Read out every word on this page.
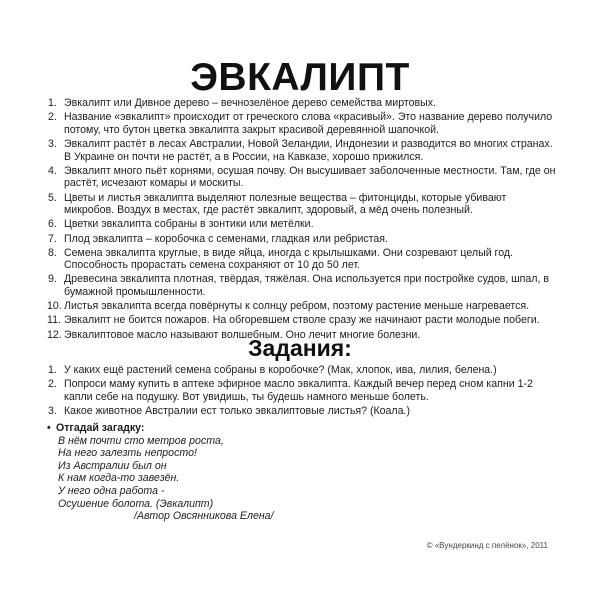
ЭВКАЛИПТ
1. Эвкалипт или Дивное дерево – вечнозелёное дерево семейства миртовых.
2. Название «эвкалипт» происходит от греческого слова «красивый». Это название дерево получило потому, что бутон цветка эвкалипта закрыт красивой деревянной шапочкой.
3. Эвкалипт растёт в лесах Австралии, Новой Зеландии, Индонезии и разводится во многих странах. В Украине он почти не растёт, а в России, на Кавказе, хорошо прижился.
4. Эвкалипт много пьёт корнями, осушая почву. Он высушивает заболоченные местности. Там, где он растёт, исчезают комары и москиты.
5. Цветы и листья эвкалипта выделяют полезные вещества – фитонциды, которые убивают микробов. Воздух в местах, где растёт эвкалипт, здоровый, а мёд очень полезный.
6. Цветки эвкалипта собраны в зонтики или метёлки.
7. Плод эвкалипта – коробочка с семенами, гладкая или ребристая.
8. Семена эвкалипта круглые, в виде яйца, иногда с крылышками. Они созревают целый год. Способность прорастать семена сохраняют от 10 до 50 лет.
9. Древесина эвкалипта плотная, твёрдая, тяжёлая. Она используется при постройке судов, шпал, в бумажной промышленности.
10. Листья эвкалипта всегда повёрнуты к солнцу ребром, поэтому растение меньше нагревается.
11. Эвкалипт не боится пожаров. На обгоревшем стволе сразу же начинают расти молодые побеги.
12. Эвкалиптовое масло называют волшебным. Оно лечит многие болезни.
Задания:
1. У каких ещё растений семена собраны в коробочке? (Мак, хлопок, ива, лилия, белена.)
2. Попроси маму купить в аптеке эфирное масло эвкалипта. Каждый вечер перед сном капни 1-2 капли себе на подушку. Вот увидишь, ты будешь намного меньше болеть.
3. Какое животное Австралии ест только эвкалиптовые листья? (Коала.)
• Отгадай загадку:
В нём почти сто метров роста,
На него залезть непросто!
Из Австралии был он
К нам когда-то завезён.
У него одна работа -
Осушение болота. (Эвкалипт)
/Автор Овсянникова Елена/
© «Вундеркинд с пелёнок», 2011
